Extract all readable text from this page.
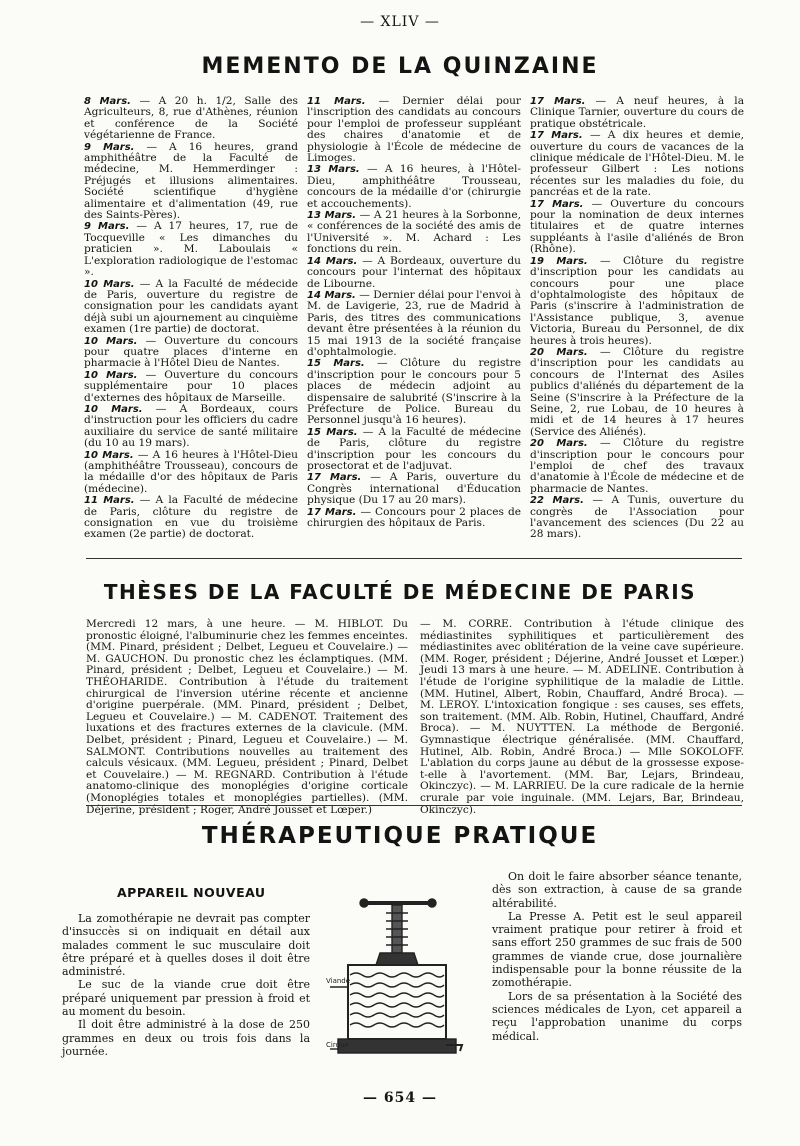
— XLIV —
MEMENTO DE LA QUINZAINE

8 Mars. — A 20 h. 1/2, Salle des Agriculteurs, 8, rue d'Athènes, réunion et conférence de la Société végétarienne de France.

9 Mars. — A 16 heures, grand amphithéâtre de la Faculté de médecine, M. Hemmerdinger : Préjugés et illusions alimentaires. Société scientifique d'hygiène alimentaire et d'alimentation (49, rue des Saints-Pères).

9 Mars. — A 17 heures, 17, rue de Tocqueville « Les dimanches du praticien ». M. Laboulais « L'exploration radiologique de l'estomac ».

10 Mars. — A la Faculté de médecide de Paris, ouverture du registre de consignation pour les candidats ayant déjà subi un ajournement au cinquième examen (1re partie) de doctorat.

10 Mars. — Ouverture du concours pour quatre places d'interne en pharmacie à l'Hôtel Dieu de Nantes.

10 Mars. — Ouverture du concours supplémentaire pour 10 places d'externes des hôpitaux de Marseille.

10 Mars. — A Bordeaux, cours d'instruction pour les officiers du cadre auxiliaire du service de santé militaire (du 10 au 19 mars).

10 Mars. — A 16 heures à l'Hôtel-Dieu (amphithéâtre Trousseau), concours de la médaille d'or des hôpitaux de Paris (médecine).

11 Mars. — A la Faculté de médecine de Paris, clôture du registre de consignation en vue du troisième examen (2e partie) de doctorat.

11 Mars. — Dernier délai pour l'inscription des candidats au concours pour l'emploi de professeur suppléant des chaires d'anatomie et de physiologie à l'École de médecine de Limoges.

13 Mars. — A 16 heures, à l'Hôtel-Dieu, amphithéâtre Trousseau, concours de la médaille d'or (chirurgie et accouchements).

13 Mars. — A 21 heures à la Sorbonne, « conférences de la société des amis de l'Université ». M. Achard : Les fonctions du rein.

14 Mars. — A Bordeaux, ouverture du concours pour l'internat des hôpitaux de Libourne.

14 Mars. — Dernier délai pour l'envoi à M. de Lavigerie, 23, rue de Madrid à Paris, des titres des communications devant être présentées à la réunion du 15 mai 1913 de la société française d'ophtalmologie.

15 Mars. — Clôture du registre d'inscription pour le concours pour 5 places de médecin adjoint au dispensaire de salubrité (S'inscrire à la Préfecture de Police. Bureau du Personnel jusqu'à 16 heures).

15 Mars. — A la Faculté de médecine de Paris, clôture du registre d'inscription pour les concours du prosectorat et de l'adjuvat.

17 Mars. — A Paris, ouverture du Congrès international d'Éducation physique (Du 17 au 20 mars).

17 Mars. — Concours pour 2 places de chirurgien des hôpitaux de Paris.

17 Mars. — A neuf heures, à la Clinique Tarnier, ouverture du cours de pratique obstétricale.

17 Mars. — A dix heures et demie, ouverture du cours de vacances de la clinique médicale de l'Hôtel-Dieu. M. le professeur Gilbert : Les notions récentes sur les maladies du foie, du pancréas et de la rate.

17 Mars. — Ouverture du concours pour la nomination de deux internes titulaires et de quatre internes suppléants à l'asile d'aliénés de Bron (Rhône).

19 Mars. — Clôture du registre d'inscription pour les candidats au concours pour une place d'ophtalmologiste des hôpitaux de Paris (s'inscrire à l'administration de l'Assistance publique, 3, avenue Victoria, Bureau du Personnel, de dix heures à trois heures).

20 Mars. — Clôture du registre d'inscription pour les candidats au concours de l'Internat des Asiles publics d'aliénés du département de la Seine (S'inscrire à la Préfecture de la Seine, 2, rue Lobau, de 10 heures à midi et de 14 heures à 17 heures (Service des Aliénés).

20 Mars. — Clôture du registre d'inscription pour le concours pour l'emploi de chef des travaux d'anatomie à l'École de médecine et de pharmacie de Nantes.

22 Mars. — A Tunis, ouverture du congrès de l'Association pour l'avancement des sciences (Du 22 au 28 mars).

THÈSES DE LA FACULTÉ DE MÉDECINE DE PARIS

Mercredi 12 mars, à une heure. — M. HIBLOT. Du pronostic éloigné, l'albuminurie chez les femmes enceintes. (MM. Pinard, président ; Delbet, Legueu et Couvelaire.) — M. GAUCHON. Du pronostic chez les éclamptiques. (MM. Pinard, président ; Delbet, Legueu et Couvelaire.) — M. THÉOHARIDE. Contribution à l'étude du traitement chirurgical de l'inversion utérine récente et ancienne d'origine puerpérale. (MM. Pinard, président ; Delbet, Legueu et Couvelaire.) — M. CADENOT. Traitement des luxations et des fractures externes de la clavicule. (MM. Delbet, président ; Pinard, Legueu et Couvelaire.) — M. SALMONT. Contributions nouvelles au traitement des calculs vésicaux. (MM. Legueu, président ; Pinard, Delbet et Couvelaire.) — M. REGNARD. Contribution à l'étude anatomo-clinique des monoplégies d'origine corticale (Monoplégies totales et monoplégies partielles). (MM. Déjerine, président ; Roger, André Jousset et Lœper.)

— M. CORRE. Contribution à l'étude clinique des médiastinites syphilitiques et particulièrement des médiastinites avec oblitération de la veine cave supérieure. (MM. Roger, président ; Déjerine, André Jousset et Lœper.) Jeudi 13 mars à une heure. — M. ADELINE. Contribution à l'étude de l'origine syphilitique de la maladie de Little. (MM. Hutinel, Albert, Robin, Chauffard, André Broca). — M. LEROY. L'intoxication fongique : ses causes, ses effets, son traitement. (MM. Alb. Robin, Hutinel, Chauffard, André Broca). — M. NUYTTEN. La méthode de Bergonié. Gymnastique électrique généralisée. (MM. Chauffard, Hutinel, Alb. Robin, André Broca.) — Mlle SOKOLOFF. L'ablation du corps jaune au début de la grossesse expose-t-elle à l'avortement. (MM. Bar, Lejars, Brindeau, Okinczyc). — M. LARRIEU. De la cure radicale de la hernie crurale par voie inguinale. (MM. Lejars, Bar, Brindeau, Okinczyc).

THÉRAPEUTIQUE PRATIQUE
APPAREIL NOUVEAU

La zomothérapie ne devrait pas compter d'insuccès si on indiquait en détail aux malades comment le suc musculaire doit être préparé et à quelles doses il doit être administré.

Le suc de la viande crue doit être préparé uniquement par pression à froid et au moment du besoin.

Il doit être administré à la dose de 250 grammes en deux ou trois fois dans la journée.

Viande
Cirque

On doit le faire absorber séance tenante, dès son extraction, à cause de sa grande altérabilité.

La Presse A. Petit est le seul appareil vraiment pratique pour retirer à froid et sans effort 250 grammes de suc frais de 500 grammes de viande crue, dose journalière indispensable pour la bonne réussite de la zomothérapie.

Lors de sa présentation à la Société des sciences médicales de Lyon, cet appareil a reçu l'approbation unanime du corps médical.

— 654 —
